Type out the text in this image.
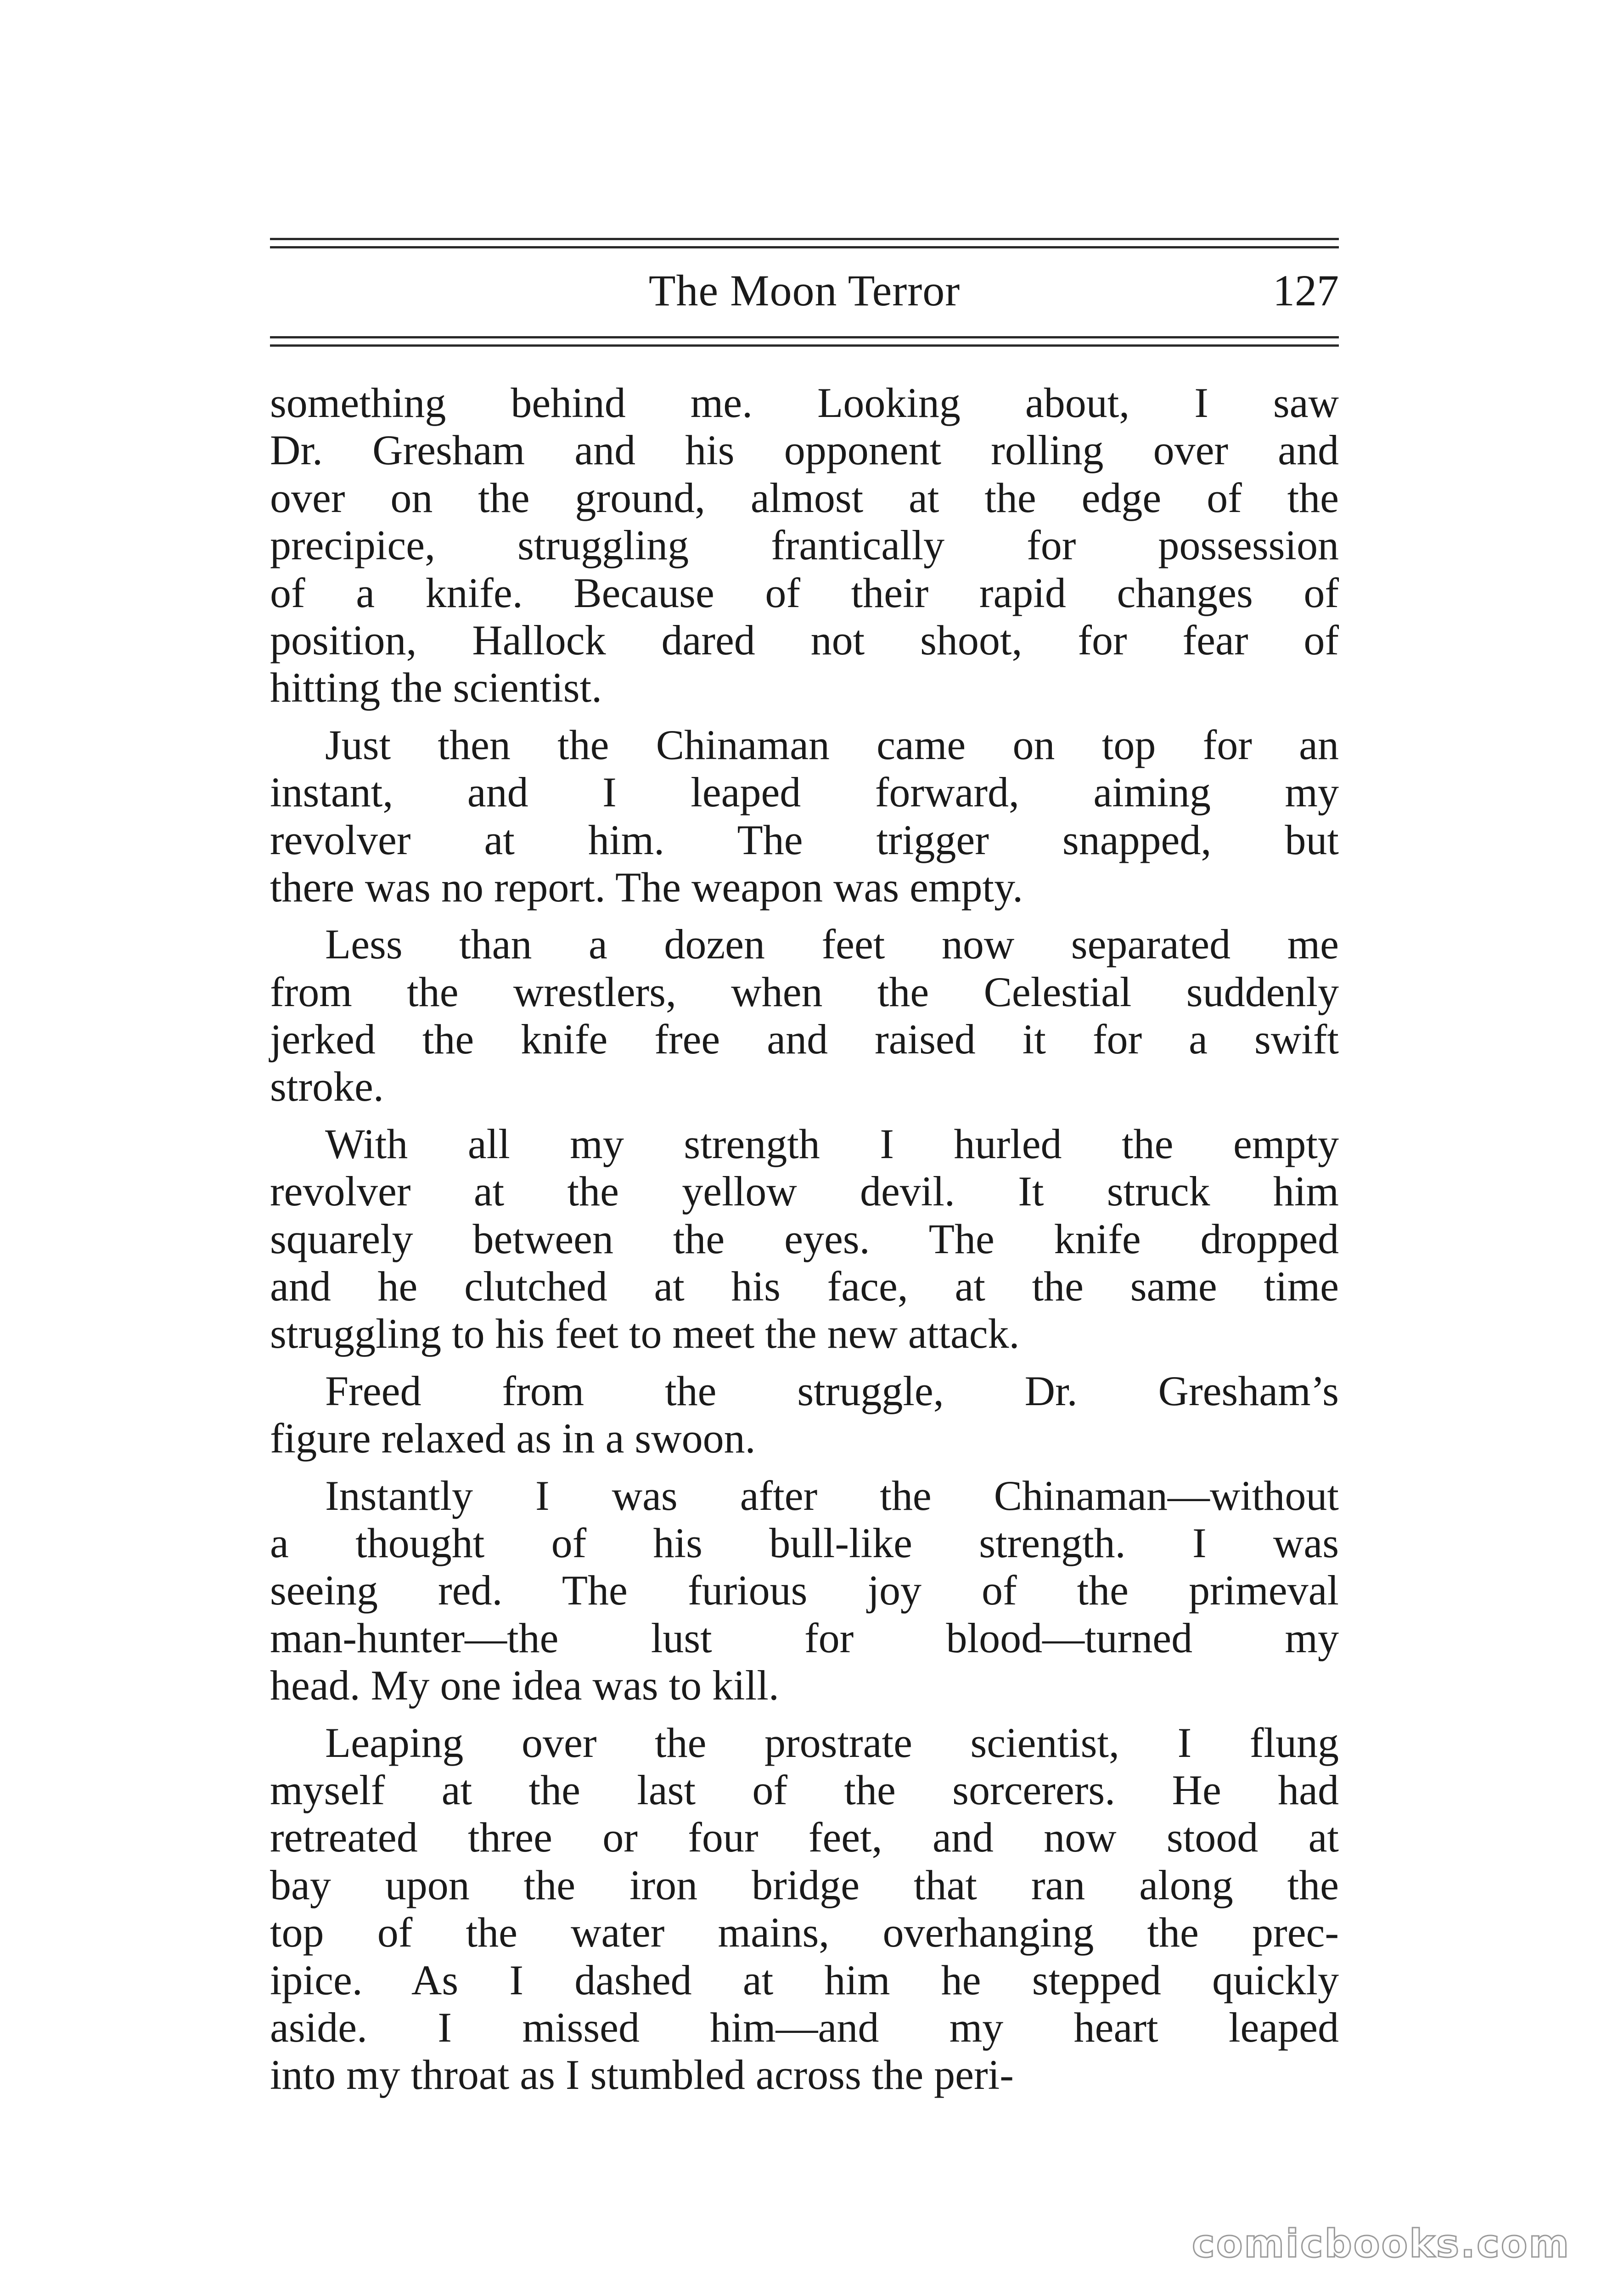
The Moon Terror	127
something behind me. Looking about, I saw
Dr. Gresham and his opponent rolling over and
over on the ground, almost at the edge of the
precipice, struggling frantically for possession
of a knife. Because of their rapid changes of
position, Hallock dared not shoot, for fear of
hitting the scientist.
Just then the Chinaman came on top for an
instant, and I leaped forward, aiming my
revolver at him. The trigger snapped, but
there was no report. The weapon was empty.
Less than a dozen feet now separated me
from the wrestlers, when the Celestial suddenly
jerked the knife free and raised it for a swift
stroke.
With all my strength I hurled the empty
revolver at the yellow devil. It struck him
squarely between the eyes. The knife dropped
and he clutched at his face, at the same time
struggling to his feet to meet the new attack.
Freed from the struggle, Dr. Gresham’s
figure relaxed as in a swoon.
Instantly I was after the Chinaman—without
a thought of his bull-like strength. I was
seeing red. The furious joy of the primeval
man-hunter—the lust for blood—turned my
head. My one idea was to kill.
Leaping over the prostrate scientist, I flung
myself at the last of the sorcerers. He had
retreated three or four feet, and now stood at
bay upon the iron bridge that ran along the
top of the water mains, overhanging the prec-
ipice. As I dashed at him he stepped quickly
aside. I missed him—and my heart leaped
into my throat as I stumbled across the peri-
comicbooks.com
